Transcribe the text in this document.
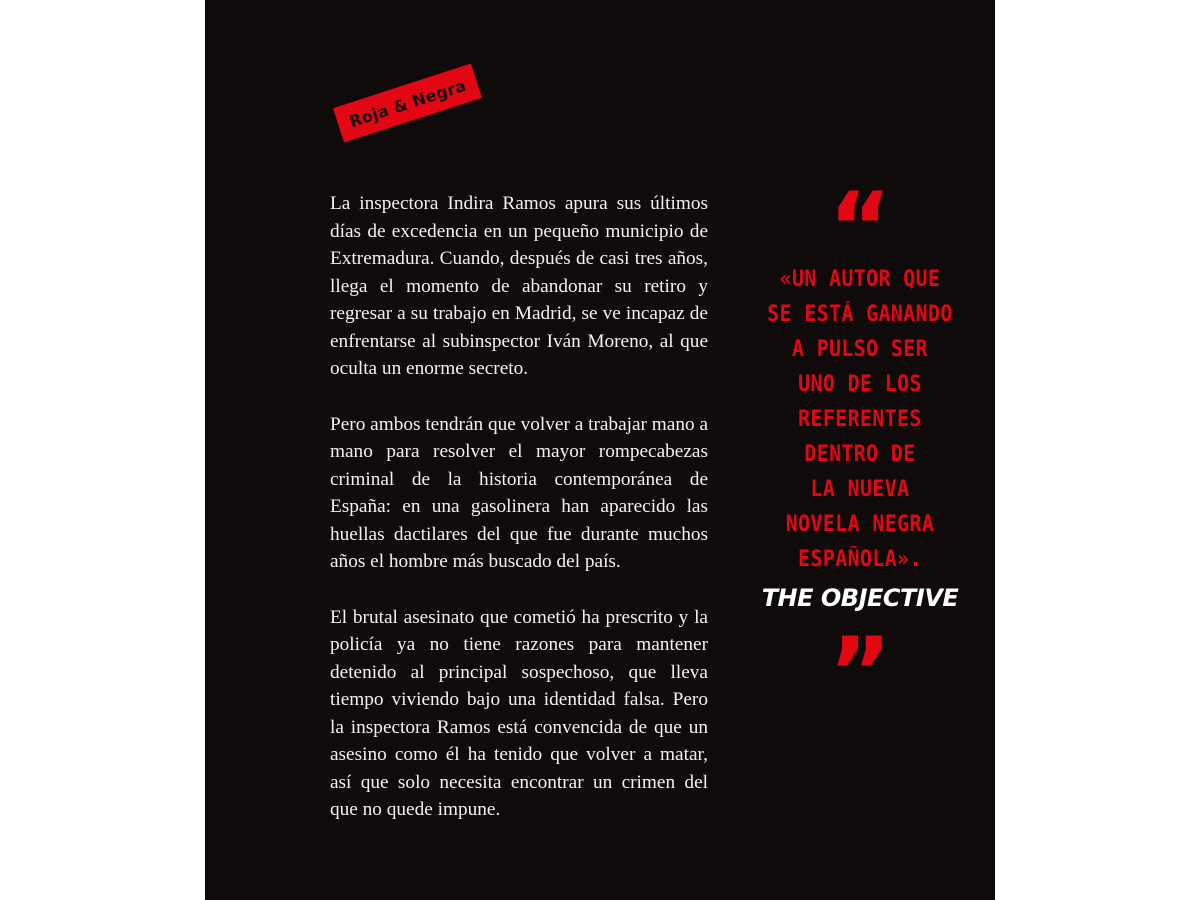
Roja & Negra

La inspectora Indira Ramos apura sus últimos días de excedencia en un pequeño municipio de Extremadura. Cuando, después de casi tres años, llega el momento de abandonar su retiro y regresar a su trabajo en Madrid, se ve incapaz de enfrentarse al subinspector Iván Moreno, al que oculta un enorme secreto.

Pero ambos tendrán que volver a trabajar mano a mano para resolver el mayor rompecabezas criminal de la historia contemporánea de España: en una gasolinera han aparecido las huellas dactilares del que fue durante muchos años el hombre más buscado del país.

El brutal asesinato que cometió ha prescrito y la policía ya no tiene razones para mantener detenido al principal sospechoso, que lleva tiempo viviendo bajo una identidad falsa. Pero la inspectora Ramos está convencida de que un asesino como él ha tenido que volver a matar, así que solo necesita encontrar un crimen del que no quede impune.

“

«UN AUTOR QUE

SE ESTÁ GANANDO

A PULSO SER

UNO DE LOS

REFERENTES

DENTRO DE

LA NUEVA

NOVELA NEGRA

ESPAÑOLA».

THE OBJECTIVE
”
